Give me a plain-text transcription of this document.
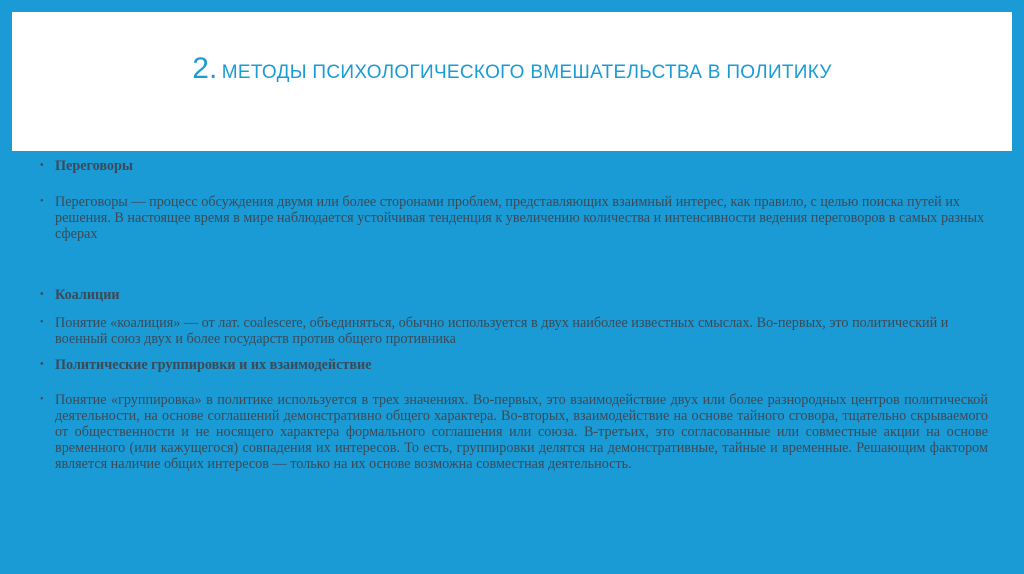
2. МЕТОДЫ ПСИХОЛОГИЧЕСКОГО ВМЕШАТЕЛЬСТВА В ПОЛИТИКУ
• Переговоры
• Переговоры — процесс обсуждения двумя или более сторонами проблем, представляющих взаимный интерес, как правило, с целью поиска путей их решения. В настоящее время в мире наблюдается устойчивая тенденция к увеличению количества и интенсивности ведения переговоров в самых разных сферах
• Коалиции
• Понятие «коалиция» — от лат. coalescere, объединяться, обычно используется в двух наиболее известных смыслах. Во-первых, это политический и военный союз двух и более государств против общего противника
• Политические группировки и их взаимодействие
• Понятие «группировка» в политике используется в трех значениях. Во-первых, это взаимодействие двух или более разнородных центров политической деятельности, на основе соглашений демонстративно общего характера. Во-вторых, взаимодействие на основе тайного сговора, тщательно скрываемого от общественности и не носящего характера формального соглашения или союза. В-третьих, это согласованные или совместные акции на основе временного (или кажущегося) совпадения их интересов. То есть, группировки делятся на демонстративные, тайные и временные. Решающим фактором является наличие общих интересов — только на их основе возможна совместная деятельность.
